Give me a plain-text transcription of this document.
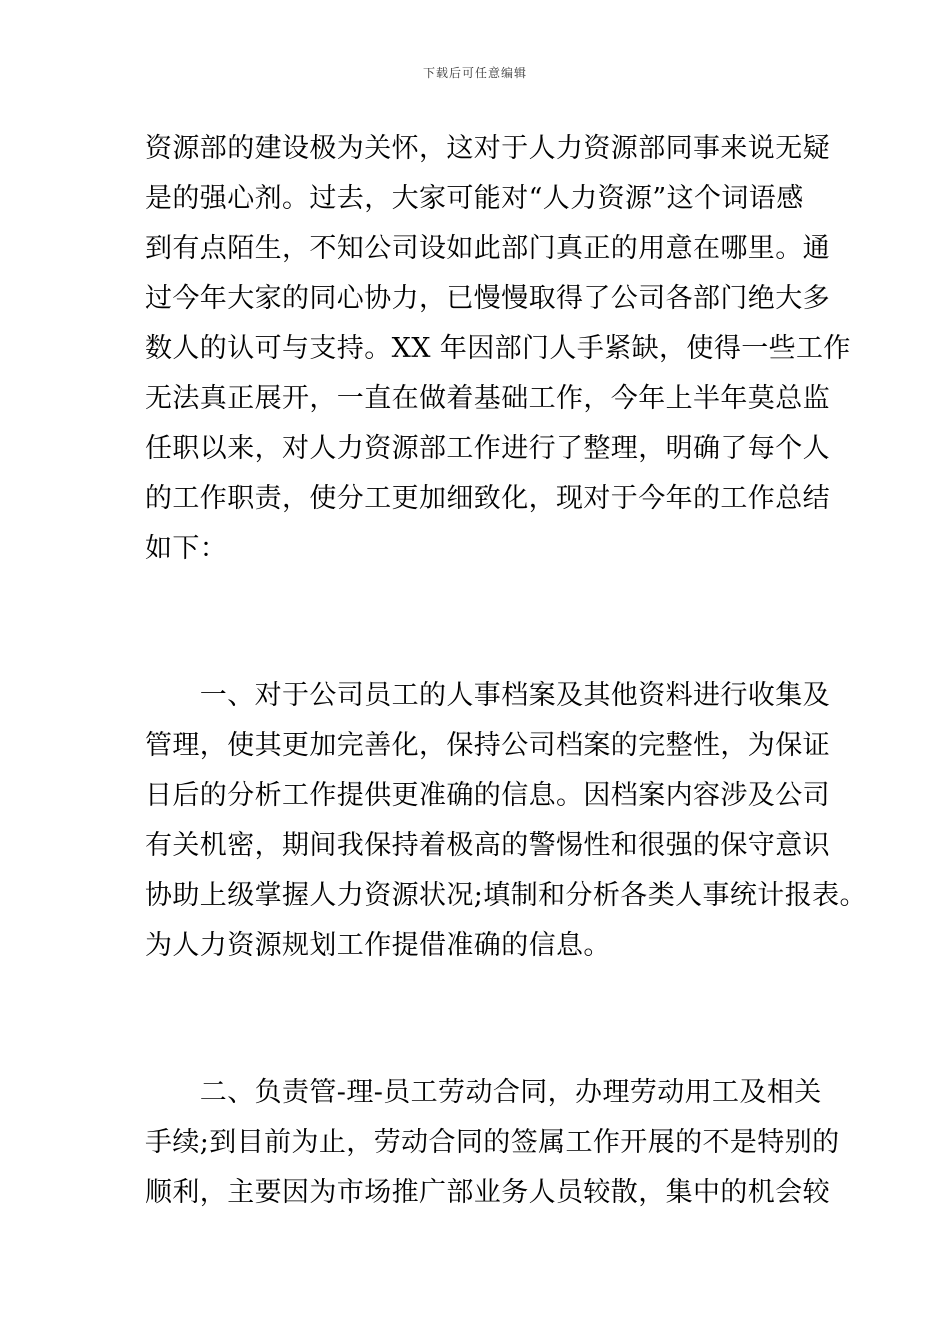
下载后可任意编辑
资源部的建设极为关怀，这对于人力资源部同事来说无疑
是的强心剂。过去，大家可能对“人力资源”这个词语感
到有点陌生，不知公司设如此部门真正的用意在哪里。通
过今年大家的同心协力，已慢慢取得了公司各部门绝大多
数人的认可与支持。XX 年因部门人手紧缺，使得一些工作
无法真正展开，一直在做着基础工作，今年上半年莫总监
任职以来，对人力资源部工作进行了整理，明确了每个人
的工作职责，使分工更加细致化，现对于今年的工作总结
如下：
　　一、对于公司员工的人事档案及其他资料进行收集及
管理，使其更加完善化，保持公司档案的完整性，为保证
日后的分析工作提供更准确的信息。因档案内容涉及公司
有关机密，期间我保持着极高的警惕性和很强的保守意识
协助上级掌握人力资源状况;填制和分析各类人事统计报表。
为人力资源规划工作提借准确的信息。
　　二、负责管-理-员工劳动合同，办理劳动用工及相关
手续;到目前为止，劳动合同的签属工作开展的不是特别的
顺利，主要因为市场推广部业务人员较散，集中的机会较
